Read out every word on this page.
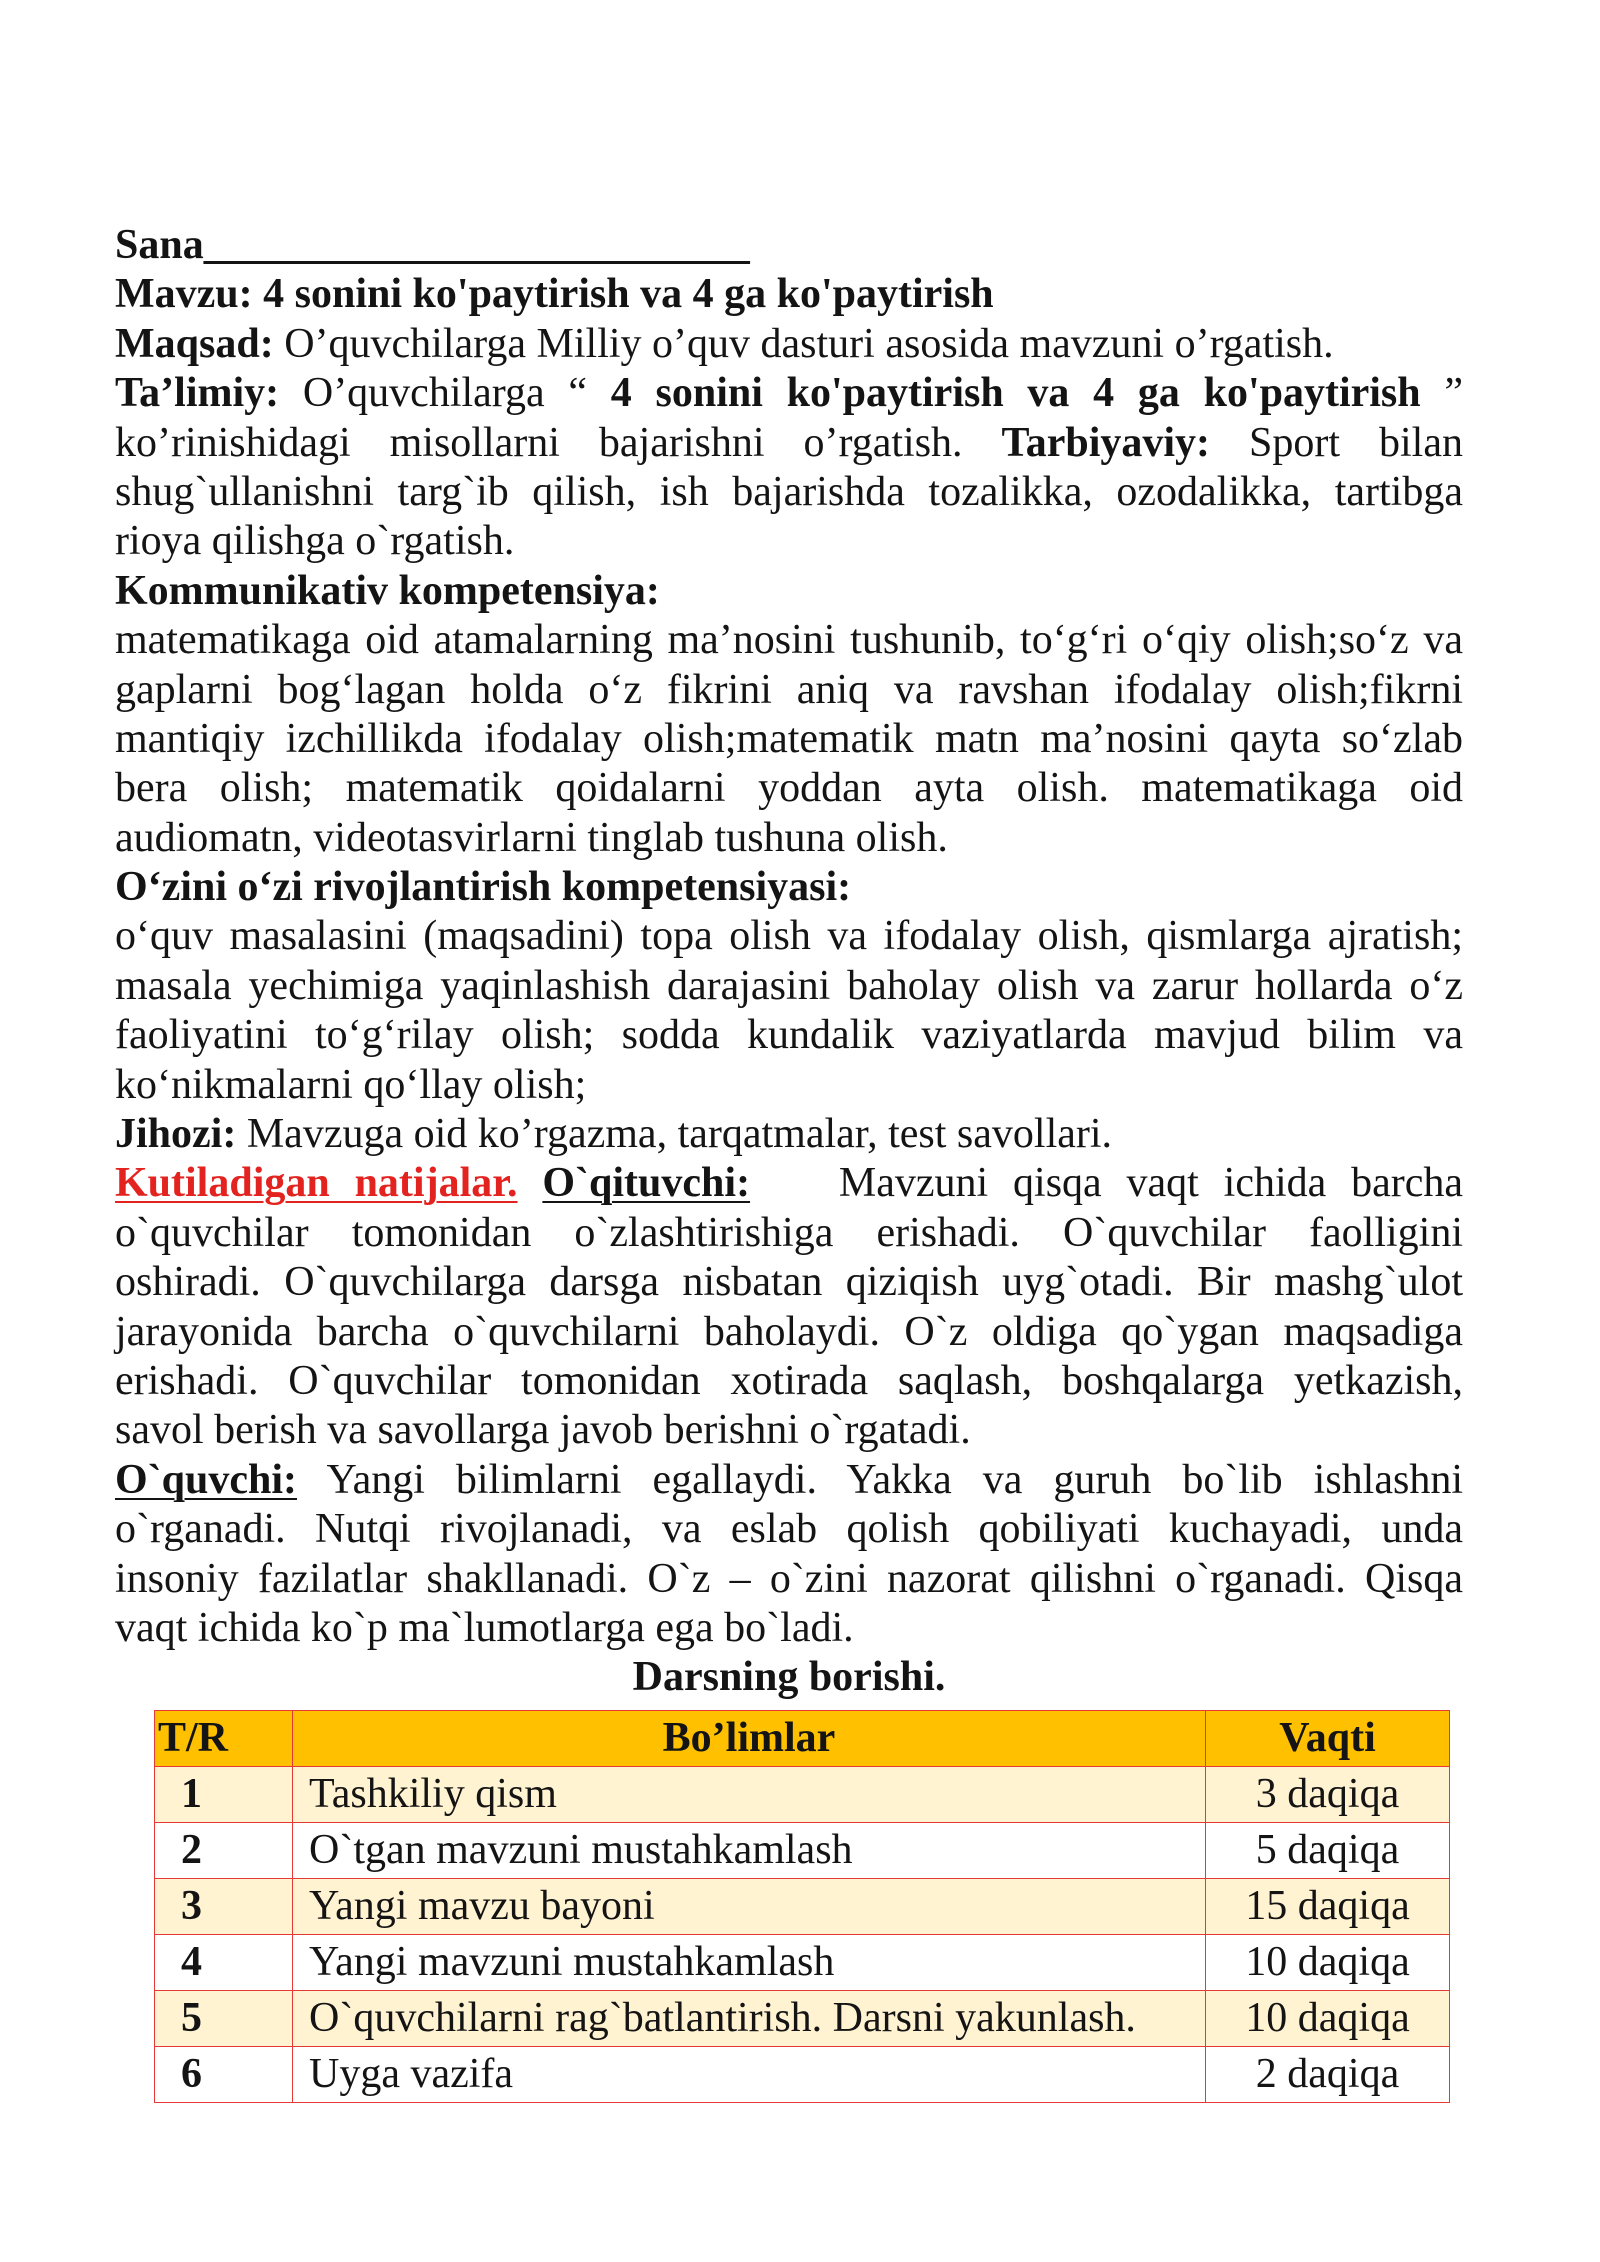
Sana__________________________
Mavzu: 4 sonini ko'paytirish va 4 ga ko'paytirish
Maqsad: O’quvchilarga Milliy o’quv dasturi asosida mavzuni o’rgatish.
Ta’limiy: O’quvchilarga “ 4 sonini ko'paytirish va 4 ga ko'paytirish ”
ko’rinishidagi misollarni bajarishni o’rgatish. Tarbiyaviy: Sport bilan
shug`ullanishni targ`ib qilish, ish bajarishda tozalikka, ozodalikka, tartibga
rioya qilishga o`rgatish.
Kommunikativ kompetensiya:
matematikaga oid atamalarning ma’nosini tushunib, to‘g‘ri o‘qiy olish;so‘z va
gaplarni bog‘lagan holda o‘z fikrini aniq va ravshan ifodalay olish;fikrni
mantiqiy izchillikda ifodalay olish;matematik matn ma’nosini qayta so‘zlab
bera olish; matematik qoidalarni yoddan ayta olish. matematikaga oid
audiomatn, videotasvirlarni tinglab tushuna olish.
O‘zini o‘zi rivojlantirish kompetensiyasi:
o‘quv masalasini (maqsadini) topa olish va ifodalay olish, qismlarga ajratish;
masala yechimiga yaqinlashish darajasini baholay olish va zarur hollarda o‘z
faoliyatini to‘g‘rilay olish; sodda kundalik vaziyatlarda mavjud bilim va
ko‘nikmalarni qo‘llay olish;
Jihozi: Mavzuga oid ko’rgazma, tarqatmalar, test savollari.
Kutiladigan natijalar. O`qituvchi: Mavzuni qisqa vaqt ichida barcha
o`quvchilar tomonidan o`zlashtirishiga erishadi. O`quvchilar faolligini
oshiradi. O`quvchilarga darsga nisbatan qiziqish uyg`otadi. Bir mashg`ulot
jarayonida barcha o`quvchilarni baholaydi. O`z oldiga qo`ygan maqsadiga
erishadi. O`quvchilar tomonidan xotirada saqlash, boshqalarga yetkazish,
savol berish va savollarga javob berishni o`rgatadi.
O`quvchi: Yangi bilimlarni egallaydi. Yakka va guruh bo`lib ishlashni
o`rganadi. Nutqi rivojlanadi, va eslab qolish qobiliyati kuchayadi, unda
insoniy fazilatlar shakllanadi. O`z – o`zini nazorat qilishni o`rganadi. Qisqa
vaqt ichida ko`p ma`lumotlarga ega bo`ladi.
Darsning borishi.
T/R	Bo’limlar	Vaqti
1	Tashkiliy qism	3 daqiqa
2	O`tgan mavzuni mustahkamlash	5 daqiqa
3	Yangi mavzu bayoni	15 daqiqa
4	Yangi mavzuni mustahkamlash	10 daqiqa
5	O`quvchilarni rag`batlantirish. Darsni yakunlash.	10 daqiqa
6	Uyga vazifa	2 daqiqa
